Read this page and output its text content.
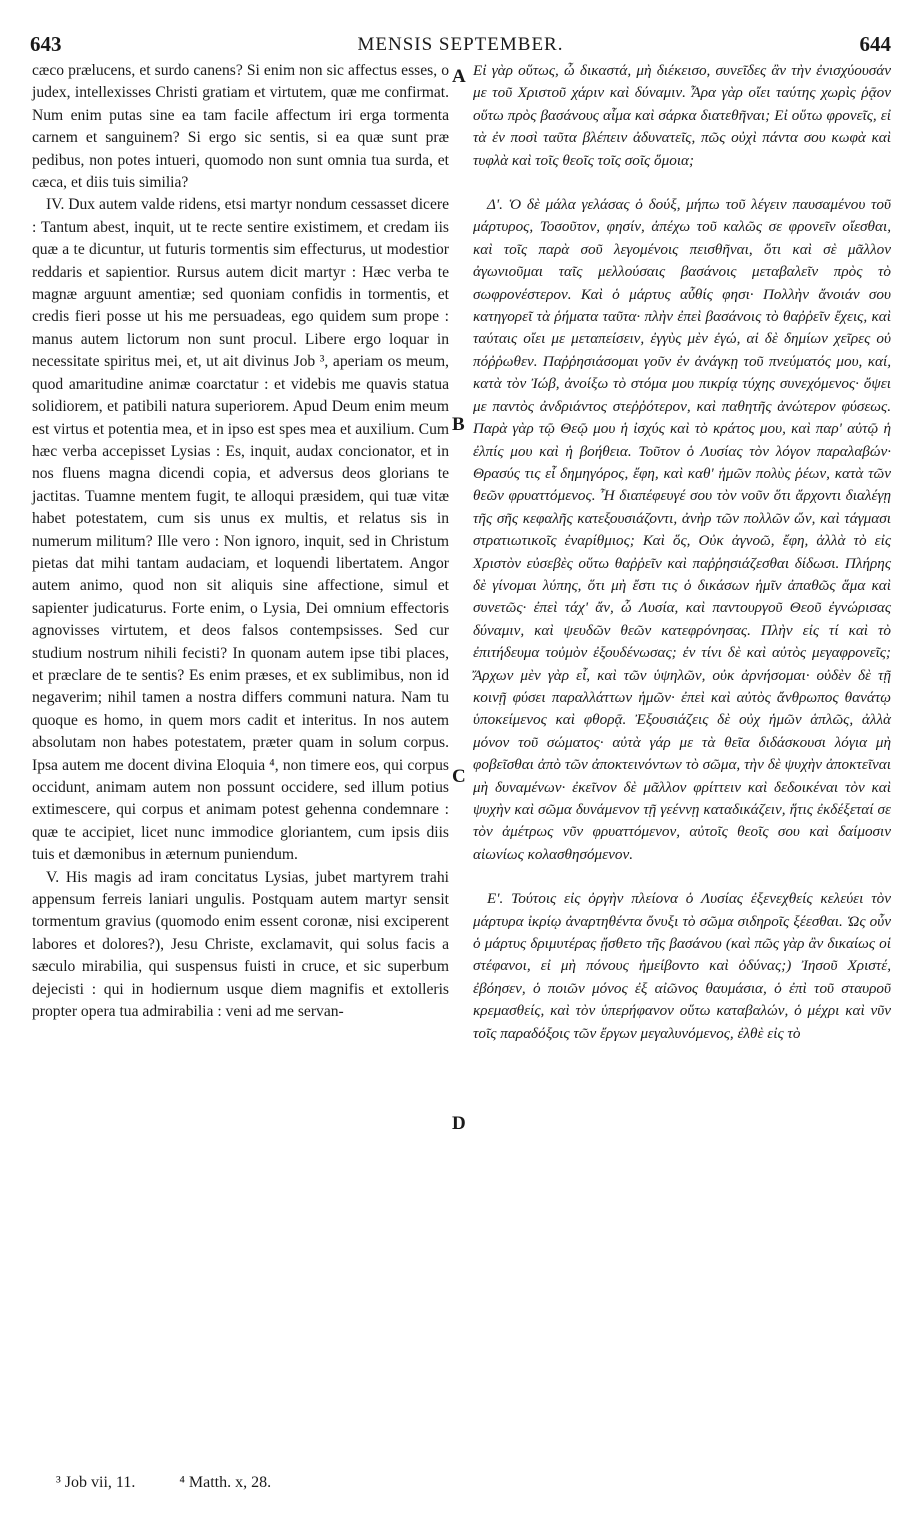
643	MENSIS SEPTEMBER.	644

cæco prælucens, et surdo canens? Si enim non sic affectus esses, o judex, intellexisses Christi gratiam et virtutem, quæ me confirmat. Num enim putas sine ea tam facile affectum iri erga tormenta carnem et sanguinem? Si ergo sic sentis, si ea quæ sunt præ pedibus, non potes intueri, quomodo non sunt omnia tua surda, et cæca, et diis tuis similia?

IV. Dux autem valde ridens, etsi martyr nondum cessasset dicere : Tantum abest, inquit, ut te recte sentire existimem, et credam iis quæ a te dicuntur, ut futuris tormentis sim effecturus, ut modestior reddaris et sapientior. Rursus autem dicit martyr : Hæc verba te magnæ arguunt amentiæ; sed quoniam confidis in tormentis, et credis fieri posse ut his me persuadeas, ego quidem sum prope : manus autem lictorum non sunt procul. Libere ergo loquar in necessitate spiritus mei, et, ut ait divinus Job ³, aperiam os meum, quod amaritudine animæ coarctatur : et videbis me quavis statua solidiorem, et patibili natura superiorem. Apud Deum enim meum est virtus et potentia mea, et in ipso est spes mea et auxilium. Cum hæc verba accepisset Lysias : Es, inquit, audax concionator, et in nos fluens magna dicendi copia, et adversus deos glorians te jactitas. Tuamne mentem fugit, te alloqui præsidem, qui tuæ vitæ habet potestatem, cum sis unus ex multis, et relatus sis in numerum militum? Ille vero : Non ignoro, inquit, sed in Christum pietas dat mihi tantam audaciam, et loquendi libertatem. Angor autem animo, quod non sit aliquis sine affectione, simul et sapienter judicaturus. Forte enim, o Lysia, Dei omnium effectoris agnovisses virtutem, et deos falsos contempsisses. Sed cur studium nostrum nihili fecisti? In quonam autem ipse tibi places, et præclare de te sentis? Es enim præses, et ex sublimibus, non id negaverim; nihil tamen a nostra differs communi natura. Nam tu quoque es homo, in quem mors cadit et interitus. In nos autem absolutam non habes potestatem, præter quam in solum corpus. Ipsa autem me docent divina Eloquia ⁴, non timere eos, qui corpus occidunt, animam autem non possunt occidere, sed illum potius extimescere, qui corpus et animam potest gehenna condemnare : quæ te accipiet, licet nunc immodice gloriantem, cum ipsis diis tuis et dæmonibus in æternum puniendum.

V. His magis ad iram concitatus Lysias, jubet martyrem trahi appensum ferreis laniari ungulis. Postquam autem martyr sensit tormentum gravius (quomodo enim essent coronæ, nisi exciperent labores et dolores?), Jesu Christe, exclamavit, qui solus facis a sæculo mirabilia, qui suspensus fuisti in cruce, et sic superbum dejecisti : qui in hodiernum usque diem magnifis et extolleris propter opera tua admirabilia : veni ad me servan-

A
B
C
D

Εἰ γὰρ οὕτως, ὦ δικαστά, μὴ διέκεισο, συνεῖδες ἂν τὴν ἐνισχύουσάν με τοῦ Χριστοῦ χάριν καὶ δύναμιν. Ἆρα γὰρ οἴει ταύτης χωρὶς ῥᾷον οὕτω πρὸς βασάνους αἷμα καὶ σάρκα διατεθῆναι; Εἰ οὕτω φρονεῖς, εἰ τὰ ἐν ποσὶ ταῦτα βλέπειν ἀδυνατεῖς, πῶς οὐχὶ πάντα σου κωφὰ καὶ τυφλὰ καὶ τοῖς θεοῖς τοῖς σοῖς ὅμοια;

Δ'. Ὁ δὲ μάλα γελάσας ὁ δούξ, μήπω τοῦ λέγειν παυσαμένου τοῦ μάρτυρος, Τοσοῦτον, φησίν, ἀπέχω τοῦ καλῶς σε φρονεῖν οἴεσθαι, καὶ τοῖς παρὰ σοῦ λεγομένοις πεισθῆναι, ὅτι καὶ σὲ μᾶλλον ἀγωνιοῦμαι ταῖς μελλούσαις βασάνοις μεταβαλεῖν πρὸς τὸ σωφρονέστερον. Καὶ ὁ μάρτυς αὖθίς φησι· Πολλὴν ἄνοιάν σου κατηγορεῖ τὰ ῥήματα ταῦτα· πλὴν ἐπεὶ βασάνοις τὸ θαῤῥεῖν ἔχεις, καὶ ταύταις οἴει με μεταπείσειν, ἐγγὺς μὲν ἐγώ, αἱ δὲ δημίων χεῖρες οὐ πόῤῥωθεν. Παῤῥησιάσομαι γοῦν ἐν ἀνάγκῃ τοῦ πνεύματός μου, καί, κατὰ τὸν Ἰώβ, ἀνοίξω τὸ στόμα μου πικρίᾳ τύχης συνεχόμενος· ὄψει με παντὸς ἀνδριάντος στεῤῥότερον, καὶ παθητῆς ἀνώτερον φύσεως. Παρὰ γὰρ τῷ Θεῷ μου ἡ ἰσχύς καὶ τὸ κράτος μου, καὶ παρ' αὐτῷ ἡ ἐλπίς μου καὶ ἡ βοήθεια. Τοῦτον ὁ Λυσίας τὸν λόγον παραλαβών· Θρασύς τις εἶ δημηγόρος, ἔφη, καὶ καθ' ἡμῶν πολὺς ῥέων, κατὰ τῶν θεῶν φρυαττόμενος. Ἦ διαπέφευγέ σου τὸν νοῦν ὅτι ἄρχοντι διαλέγῃ τῆς σῆς κεφαλῆς κατεξουσιάζοντι, ἀνὴρ τῶν πολλῶν ὤν, καὶ τάγμασι στρατιωτικοῖς ἐναρίθμιος; Καὶ ὅς, Οὐκ ἀγνοῶ, ἔφη, ἀλλὰ τὸ εἰς Χριστὸν εὐσεβὲς οὕτω θαῤῥεῖν καὶ παῤῥησιάζεσθαι δίδωσι. Πλήρης δὲ γίνομαι λύπης, ὅτι μὴ ἔστι τις ὁ δικάσων ἡμῖν ἀπαθῶς ἅμα καὶ συνετῶς· ἐπεὶ τάχ' ἄν, ὦ Λυσία, καὶ παντουργοῦ Θεοῦ ἐγνώρισας δύναμιν, καὶ ψευδῶν θεῶν κατεφρόνησας. Πλὴν εἰς τί καὶ τὸ ἐπιτήδευμα τοὐμὸν ἐξουδένωσας; ἐν τίνι δὲ καὶ αὐτὸς μεγαφρονεῖς; Ἄρχων μὲν γὰρ εἶ, καὶ τῶν ὑψηλῶν, οὐκ ἀρνήσομαι· οὐδὲν δὲ τῇ κοινῇ φύσει παραλλάττων ἡμῶν· ἐπεὶ καὶ αὐτὸς ἄνθρωπος θανάτῳ ὑποκείμενος καὶ φθορᾷ. Ἐξουσιάζεις δὲ οὐχ ἡμῶν ἁπλῶς, ἀλλὰ μόνον τοῦ σώματος· αὐτὰ γάρ με τὰ θεῖα διδάσκουσι λόγια μὴ φοβεῖσθαι ἀπὸ τῶν ἀποκτεινόντων τὸ σῶμα, τὴν δὲ ψυχὴν ἀποκτεῖναι μὴ δυναμένων· ἐκεῖνον δὲ μᾶλλον φρίττειν καὶ δεδοικέναι τὸν καὶ ψυχὴν καὶ σῶμα δυνάμενον τῇ γεέννῃ καταδικάζειν, ἥτις ἐκδέξεταί σε τὸν ἀμέτρως νῦν φρυαττόμενον, αὐτοῖς θεοῖς σου καὶ δαίμοσιν αἰωνίως κολασθησόμενον.

Ε'. Τούτοις εἰς ὀργὴν πλείονα ὁ Λυσίας ἐξενεχθείς κελεύει τὸν μάρτυρα ἰκρίῳ ἀναρτηθέντα ὄνυξι τὸ σῶμα σιδηροῖς ξέεσθαι. Ὡς οὖν ὁ μάρτυς δριμυτέρας ᾔσθετο τῆς βασάνου (καὶ πῶς γὰρ ἂν δικαίως οἱ στέφανοι, εἰ μὴ πόνους ἠμείβοντο καὶ ὀδύνας;) Ἰησοῦ Χριστέ, ἐβόησεν, ὁ ποιῶν μόνος ἐξ αἰῶνος θαυμάσια, ὁ ἐπὶ τοῦ σταυροῦ κρεμασθείς, καὶ τὸν ὑπερήφανον οὕτω καταβαλών, ὁ μέχρι καὶ νῦν τοῖς παραδόξοις τῶν ἔργων μεγαλυνόμενος, ἐλθὲ εἰς τὸ

³ Job vii, 11.	⁴ Matth. x, 28.
